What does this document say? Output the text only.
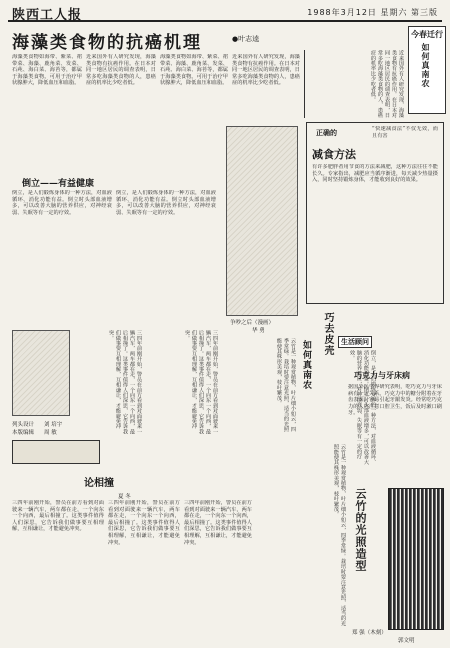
陕西工人报	1988年3月12日 星期六 第三版
海藻类食物的抗癌机理	●叶志逵
海藻类食物如海带、紫菜、裙带菜、海藻、鹿角菜、发菜、石莼、海白菜、海苔等，都属于海藻类食物。可用于治疗甲状腺肿大，降低血压和血脂。
近来国外有人研究发现，海藻类食物有抗癌作用。在日本对同一地区居民的调查表明，日常多吃海藻类食物的人，患癌症的机率比少吃者低。
海藻类食物如海带、紫菜、裙带菜、海藻、鹿角菜、发菜、石莼、海白菜、海苔等，都属于海藻类食物。可用于治疗甲状腺肿大，降低血压和血脂。
近来国外有人研究发现，海藻类食物有抗癌作用。在日本对同一地区居民的调查表明，日常多吃海藻类食物的人，患癌症的机率比少吃者低。	近来国外有人研究发现，海藻类食物有抗癌作用。在日本对同一地区居民的调查表明，日常多吃海藻类食物的人，患癌症的机率比少吃者低。
今春迁行
如何真南农
倒立——有益健康
倒立，是人们锻炼身体的一种方法，对血液循环、消化功能有益。倒立时头部血液增多，可以改善大脑的营养供应，对神经衰弱、失眠等有一定的疗效。
倒立，是人们锻炼身体的一种方法，对血液循环、消化功能有益。倒立时头部血液增多，可以改善大脑的营养供应，对神经衰弱、失眠等有一定的疗效。
争吵之后（漫画）
华 勇
正确的	“快速减食法”不仅无效，而且有害
减食方法
有许多肥胖者用节食的方法来减肥，这种方法往往不能长久。专家指出，减肥应当循序渐进，每天减少热量摄入，同时坚持锻炼身体，才能收到良好的效果。
巧去皮壳	生活顾问
倒立，是人们锻炼身体的一种方法，对血液循环、消化功能有益。倒立时头部血液增多，可以改善大脑的营养供应，对神经衰弱、失眠等有一定的疗效。
巧克力与牙床病
据国外医学界研究表明，吃巧克力与牙床病有一定关系。巧克力中的糖分附着在牙齿表面，容易引起牙龈发炎。经常吃巧克力的人应注意口腔卫生，饭后及时漱口刷牙。
列头设计 刘 培宇
本版编辑 周 敏	三四年前刚开始，警员在前方看到对面驶来一辆汽车，两车都在走，一个向东一个向西，最后相撞了。这类事件值得人们深思，它告诉我们做事要互相理解，互相谦让，才能避免冲突。	三四年前刚开始，警员在前方看到对面驶来一辆汽车，两车都在走，一个向东一个向西，最后相撞了。这类事件值得人们深思，它告诉我们做事要互相理解，互相谦让，才能避免冲突。
云竹是一种观赏植物，叶片细小如云，四季常绿。栽培时要注意光照，适当的光照能使其株形美观，枝叶繁茂。
论相撞
夏 冬
三四年前刚开始，警员在前方看到对面驶来一辆汽车，两车都在走，一个向东一个向西，最后相撞了。这类事件值得人们深思，它告诉我们做事要互相理解，互相谦让，才能避免冲突。
三四年前刚开始，警员在前方看到对面驶来一辆汽车，两车都在走，一个向东一个向西，最后相撞了。这类事件值得人们深思，它告诉我们做事要互相理解，互相谦让，才能避免冲突。
三四年前刚开始，警员在前方看到对面驶来一辆汽车，两车都在走，一个向东一个向西，最后相撞了。这类事件值得人们深思，它告诉我们做事要互相理解，互相谦让，才能避免冲突。
如何真南农
云竹是一种观赏植物，叶片细小如云，四季常绿。栽培时要注意光照，适当的光照能使其株形美观，枝叶繁茂。
云竹的光照造型
郑 强（木刻）
郭文明
